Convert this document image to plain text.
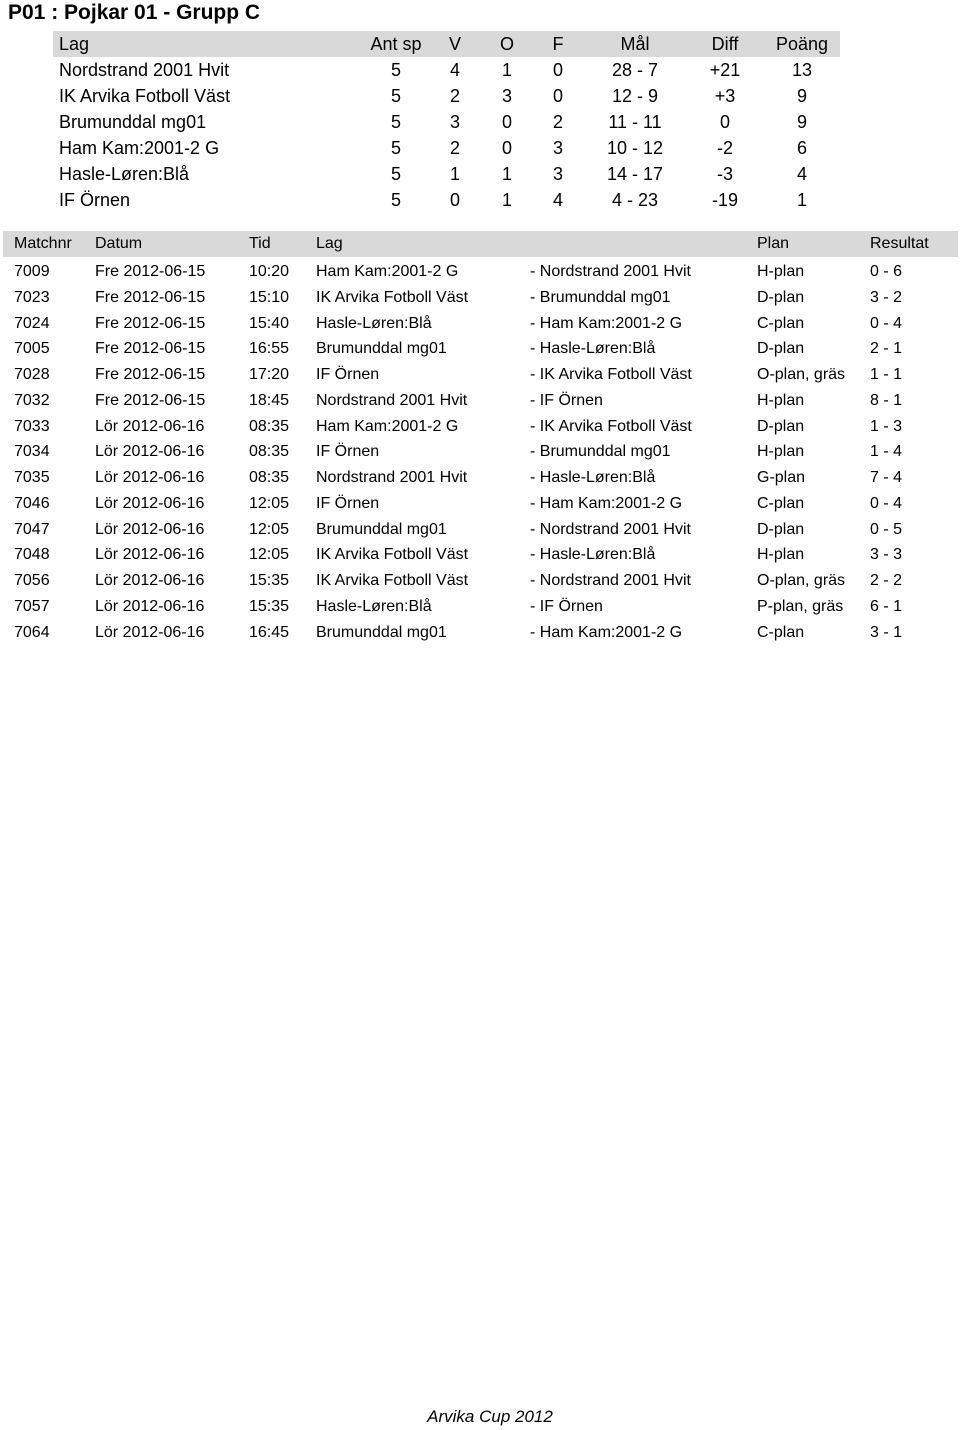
P01 : Pojkar 01 - Grupp C
Lag	Ant sp	V	O	F	Mål	Diff	Poäng
Nordstrand 2001 Hvit	5	4	1	0	28 - 7	+21	13
IK Arvika Fotboll Väst	5	2	3	0	12 - 9	+3	9
Brumunddal mg01	5	3	0	2	11 - 11	0	9
Ham Kam:2001-2 G	5	2	0	3	10 - 12	-2	6
Hasle-Løren:Blå	5	1	1	3	14 - 17	-3	4
IF Örnen	5	0	1	4	4 - 23	-19	1
Matchnr	Datum	Tid	Lag	Plan	Resultat
7009	Fre 2012-06-15	10:20	Ham Kam:2001-2 G	- Nordstrand 2001 Hvit	H-plan	0 - 6
7023	Fre 2012-06-15	15:10	IK Arvika Fotboll Väst	- Brumunddal mg01	D-plan	3 - 2
7024	Fre 2012-06-15	15:40	Hasle-Løren:Blå	- Ham Kam:2001-2 G	C-plan	0 - 4
7005	Fre 2012-06-15	16:55	Brumunddal mg01	- Hasle-Løren:Blå	D-plan	2 - 1
7028	Fre 2012-06-15	17:20	IF Örnen	- IK Arvika Fotboll Väst	O-plan, gräs	1 - 1
7032	Fre 2012-06-15	18:45	Nordstrand 2001 Hvit	- IF Örnen	H-plan	8 - 1
7033	Lör 2012-06-16	08:35	Ham Kam:2001-2 G	- IK Arvika Fotboll Väst	D-plan	1 - 3
7034	Lör 2012-06-16	08:35	IF Örnen	- Brumunddal mg01	H-plan	1 - 4
7035	Lör 2012-06-16	08:35	Nordstrand 2001 Hvit	- Hasle-Løren:Blå	G-plan	7 - 4
7046	Lör 2012-06-16	12:05	IF Örnen	- Ham Kam:2001-2 G	C-plan	0 - 4
7047	Lör 2012-06-16	12:05	Brumunddal mg01	- Nordstrand 2001 Hvit	D-plan	0 - 5
7048	Lör 2012-06-16	12:05	IK Arvika Fotboll Väst	- Hasle-Løren:Blå	H-plan	3 - 3
7056	Lör 2012-06-16	15:35	IK Arvika Fotboll Väst	- Nordstrand 2001 Hvit	O-plan, gräs	2 - 2
7057	Lör 2012-06-16	15:35	Hasle-Løren:Blå	- IF Örnen	P-plan, gräs	6 - 1
7064	Lör 2012-06-16	16:45	Brumunddal mg01	- Ham Kam:2001-2 G	C-plan	3 - 1
Arvika Cup 2012
